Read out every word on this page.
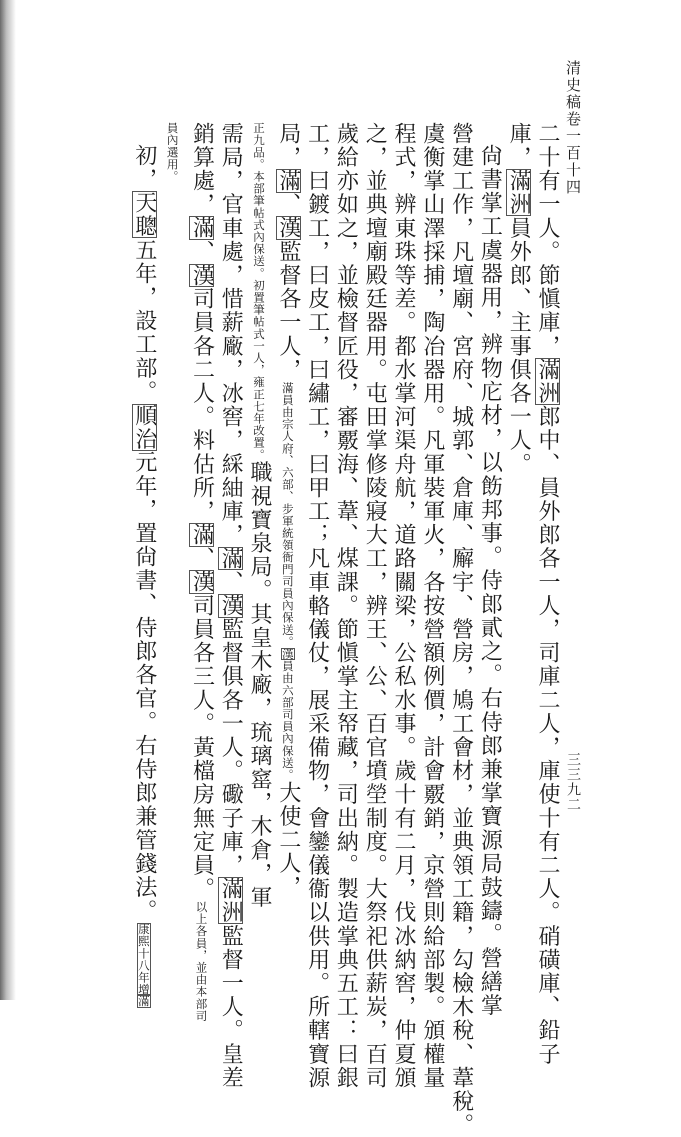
清史稿卷一百十四
三三九二
二十有一人。節愼庫，滿洲郎中、員外郎各一人，司庫二人，庫使十有二人。硝磺庫、鉛子
庫，滿洲員外郎、主事俱各一人。
尙書掌工虞器用，辨物庀材，以飭邦事。侍郎貳之。右侍郎兼掌寶源局鼓鑄。營繕掌
營建工作，凡壇廟、宮府、城郭、倉庫、廨宇、營房，鳩工會材，並典領工籍，勾檢木稅、葦稅。
虞衡掌山澤採捕，陶冶器用。凡軍裝軍火，各按營額例價，計會覈銷，京營則給部製。頒權量
程式，辨東珠等差。都水掌河渠舟航，道路關梁，公私水事。歲十有二月，伐冰納窖，仲夏頒
之，並典壇廟殿廷器用。屯田掌修陵寢大工，辨王、公、百官墳塋制度。大祭祀供薪炭，百司
歲給亦如之，並檢督匠役，審覈海、葦、煤課。節愼掌主帑藏，司出納。製造掌典五工：曰銀
工，曰鍍工，曰皮工，曰繡工，曰甲工；凡車輅儀仗，展采備物，會鑾儀衞以供用。所轄寶源
局，滿、漢監督各一人，滿員由宗人府、六部、步軍統領衙門司員內保送。漢員由六部司員內保送。大使二人，
正九品。本部筆帖式內保送。初置筆帖式一人，雍正七年改置。職視寶泉局。其皇木廠，琉璃窰，木倉，軍
需局，官車處，惜薪廠，冰窖，綵紬庫，滿、漢監督俱各一人。礮子庫，滿洲監督一人。皇差
銷算處，滿、漢司員各二人。料估所，滿、漢司員各三人。黃檔房無定員。以上各員，並由本部司
員內選用。
初，天聰五年，設工部。順治元年，置尙書、侍郎各官。右侍郎兼管錢法。康熙十八年增滿
